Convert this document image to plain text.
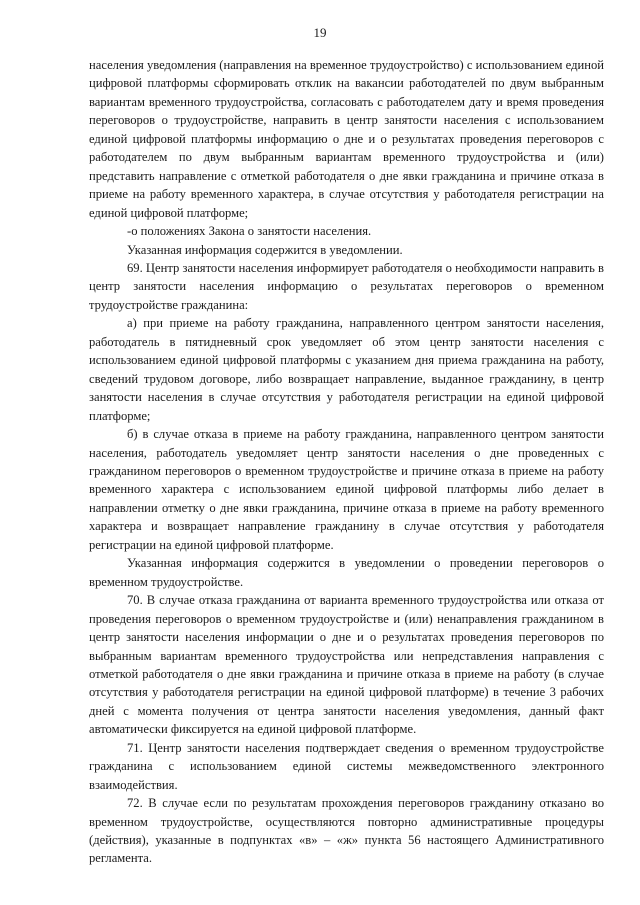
19

населения уведомления (направления на временное трудоустройство) с использованием единой цифровой платформы сформировать отклик на вакансии работодателей по двум выбранным вариантам временного трудоустройства, согласовать с работодателем дату и время проведения переговоров о трудоустройстве, направить в центр занятости населения с использованием единой цифровой платформы информацию о дне и о результатах проведения переговоров с работодателем по двум выбранным вариантам временного трудоустройства и (или) представить направление с отметкой работодателя о дне явки гражданина и причине отказа в приеме на работу временного характера, в случае отсутствия у работодателя регистрации на единой цифровой платформе;

-о положениях Закона о занятости населения.

Указанная информация содержится в уведомлении.

69. Центр занятости населения информирует работодателя о необходимости направить в центр занятости населения информацию о результатах переговоров о временном трудоустройстве гражданина:

а) при приеме на работу гражданина, направленного центром занятости населения, работодатель в пятидневный срок уведомляет об этом центр занятости населения с использованием единой цифровой платформы с указанием дня приема гражданина на работу, сведений трудовом договоре, либо возвращает направление, выданное гражданину, в центр занятости населения в случае отсутствия у работодателя регистрации на единой цифровой платформе;

б) в случае отказа в приеме на работу гражданина, направленного центром занятости населения, работодатель уведомляет центр занятости населения о дне проведенных с гражданином переговоров о временном трудоустройстве и причине отказа в приеме на работу временного характера с использованием единой цифровой платформы либо делает в направлении отметку о дне явки гражданина, причине отказа в приеме на работу временного характера и возвращает направление гражданину в случае отсутствия у работодателя регистрации на единой цифровой платформе.

Указанная информация содержится в уведомлении о проведении переговоров о временном трудоустройстве.

70. В случае отказа гражданина от варианта временного трудоустройства или отказа от проведения переговоров о временном трудоустройстве и (или) ненаправления гражданином в центр занятости населения информации о дне и о результатах проведения переговоров по выбранным вариантам временного трудоустройства или непредставления направления с отметкой работодателя о дне явки гражданина и причине отказа в приеме на работу (в случае отсутствия у работодателя регистрации на единой цифровой платформе) в течение 3 рабочих дней с момента получения от центра занятости населения уведомления, данный факт автоматически фиксируется на единой цифровой платформе.

71. Центр занятости населения подтверждает сведения о временном трудоустройстве гражданина с использованием единой системы межведомственного электронного взаимодействия.

72. В случае если по результатам прохождения переговоров гражданину отказано во временном трудоустройстве, осуществляются повторно административные процедуры (действия), указанные в подпунктах «в» – «ж» пункта 56 настоящего Административного регламента.
